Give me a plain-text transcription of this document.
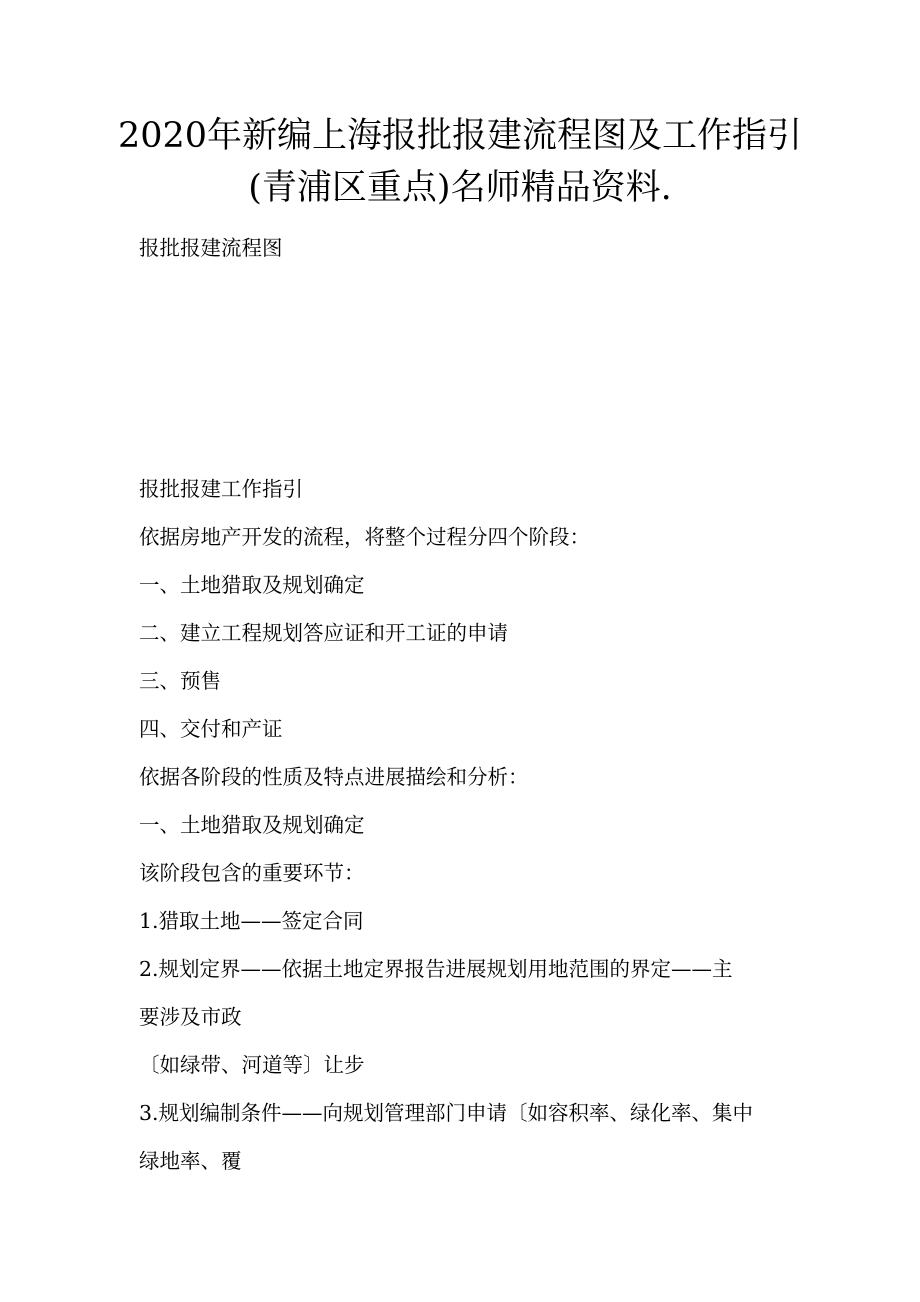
2020年新编上海报批报建流程图及工作指引
(青浦区重点)名师精品资料.
报批报建流程图
报批报建工作指引
依据房地产开发的流程，将整个过程分四个阶段：
一、土地猎取及规划确定
二、建立工程规划答应证和开工证的申请
三、预售
四、交付和产证
依据各阶段的性质及特点进展描绘和分析：
一、土地猎取及规划确定
该阶段包含的重要环节：
1.猎取土地——签定合同
2.规划定界——依据土地定界报告进展规划用地范围的界定——主
要涉及市政
〔如绿带、河道等〕让步
3.规划编制条件——向规划管理部门申请〔如容积率、绿化率、集中
绿地率、覆
